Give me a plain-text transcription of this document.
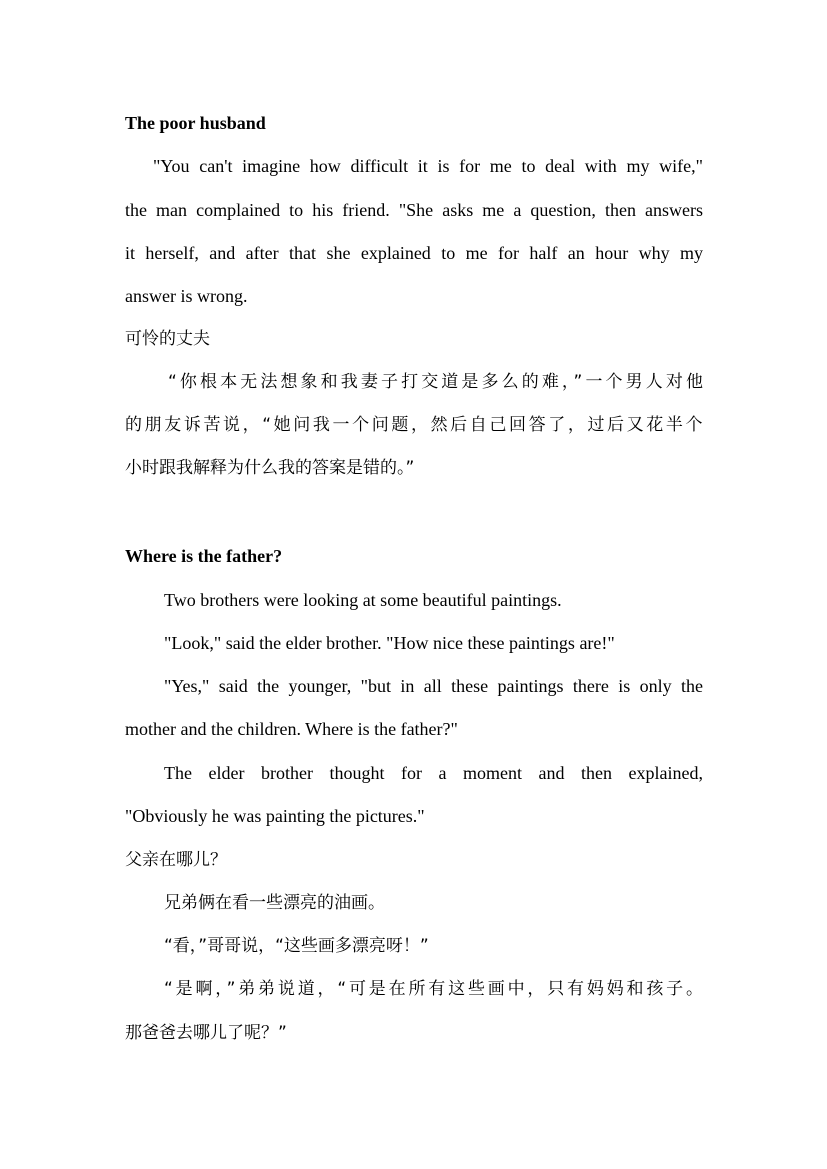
The poor husband
"You can't imagine how difficult it is for me to deal with my wife,"
the man complained to his friend. "She asks me a question, then answers
it herself, and after that she explained to me for half an hour why my
answer is wrong.
可怜的丈夫
“你根本无法想象和我妻子打交道是多么的难，”一个男人对他
的朋友诉苦说，“她问我一个问题，然后自己回答了，过后又花半个
小时跟我解释为什么我的答案是错的。”
Where is the father?
Two brothers were looking at some beautiful paintings.
"Look," said the elder brother. "How nice these paintings are!"
"Yes," said the younger, "but in all these paintings there is only the
mother and the children. Where is the father?"
The elder brother thought for a moment and then explained,
"Obviously he was painting the pictures."
父亲在哪儿？
兄弟俩在看一些漂亮的油画。
“看，”哥哥说，“这些画多漂亮呀！”
“是啊，”弟弟说道，“可是在所有这些画中，只有妈妈和孩子。
那爸爸去哪儿了呢？”
